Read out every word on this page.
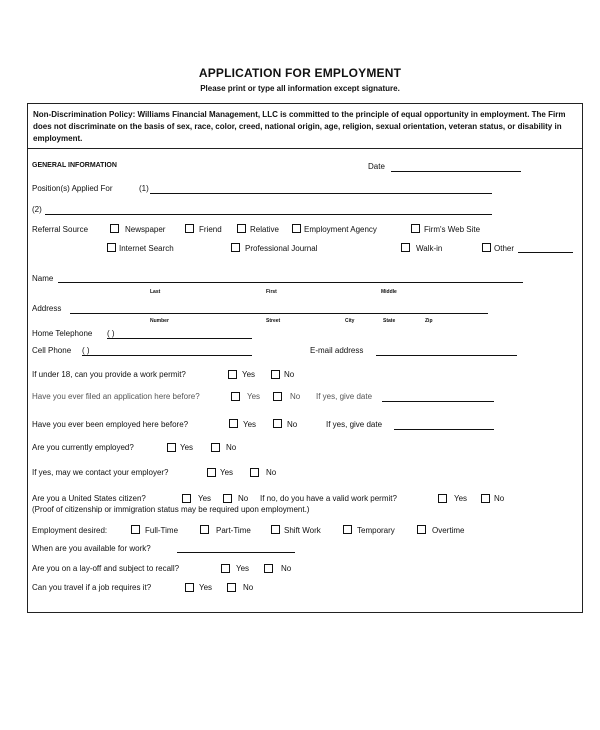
APPLICATION FOR EMPLOYMENT
Please print or type all information except signature.
Non-Discrimination Policy: Williams Financial Management, LLC is committed to the principle of equal opportunity in employment. The Firm does not discriminate on the basis of sex, race, color, creed, national origin, age, religion, sexual orientation, veteran status, or disability in employment.
GENERAL INFORMATION	Date
Position(s) Applied For	(1)
(2)
Referral Source	Newspaper	Friend	Relative	Employment Agency	Firm's Web Site
Internet Search	Professional Journal	Walk-in	Other
Name
Last	First	Middle
Address
Number	Street	City	State	Zip
Home Telephone ( )
Cell Phone ( )	E-mail address
If under 18, can you provide a work permit?	Yes	No
Have you ever filed an application here before?	Yes	No If yes, give date
Have you ever been employed here before?	Yes	No	If yes, give date
Are you currently employed?	Yes	No
If yes, may we contact your employer?	Yes	No
Are you a United States citizen?	Yes	No If no, do you have a valid work permit?	Yes	No
(Proof of citizenship or immigration status may be required upon employment.)
Employment desired:	Full-Time	Part-Time	Shift Work	Temporary	Overtime
When are you available for work?
Are you on a lay-off and subject to recall?	Yes	No
Can you travel if a job requires it?	Yes	No
